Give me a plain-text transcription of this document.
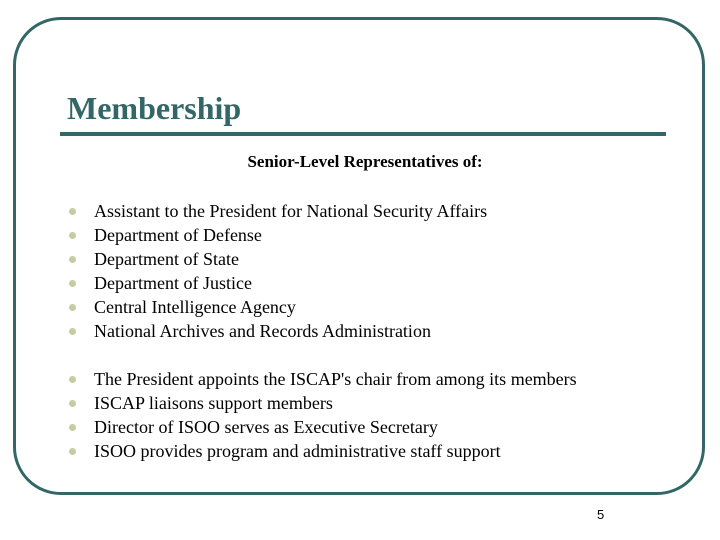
Membership
Senior-Level Representatives of:
Assistant to the President for National Security Affairs
Department of Defense
Department of State
Department of Justice
Central Intelligence Agency
National Archives and Records Administration
The President appoints the ISCAP's chair from among its members
ISCAP liaisons support members
Director of ISOO serves as Executive Secretary
ISOO provides program and administrative staff support
5
